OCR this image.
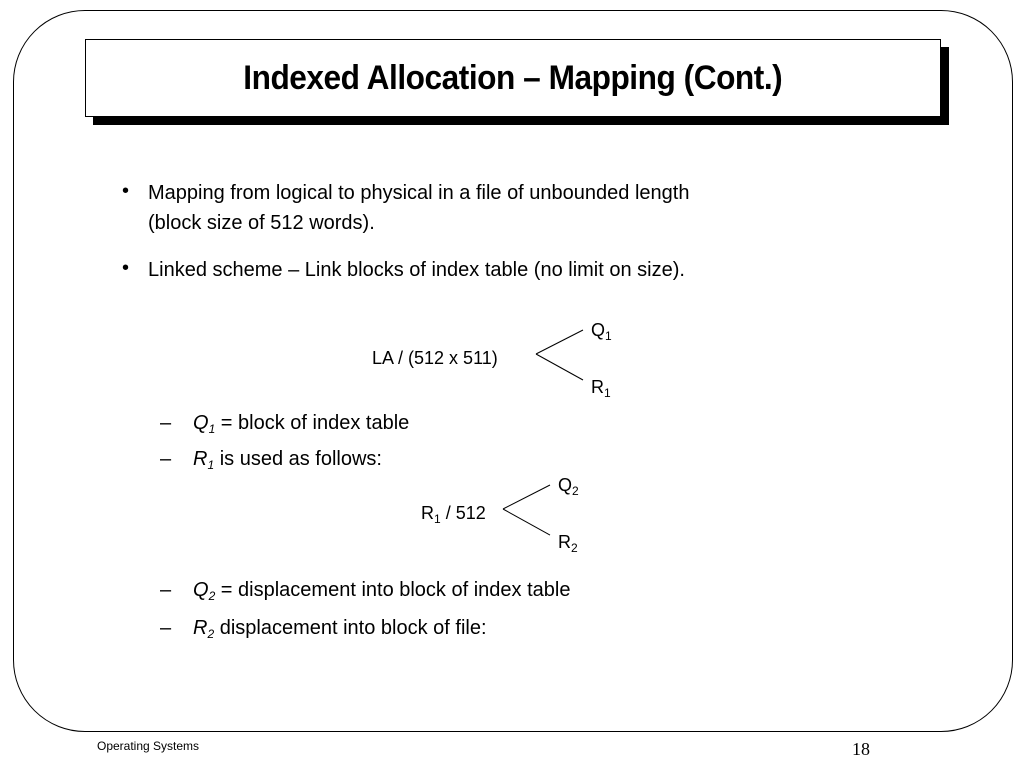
Indexed Allocation – Mapping (Cont.)
• Mapping from logical to physical in a file of unbounded length
(block size of 512 words).
• Linked scheme – Link blocks of index table (no limit on size).
LA / (512 x 511)
$Q_1$
$R_1$
– $Q_1$ = block of index table
– $R_1$ is used as follows:
$R_1 / 512$
$Q_2$
$R_2$
– $Q_2$ = displacement into block of index table
– $R_2$ displacement into block of file:
Operating Systems	18
